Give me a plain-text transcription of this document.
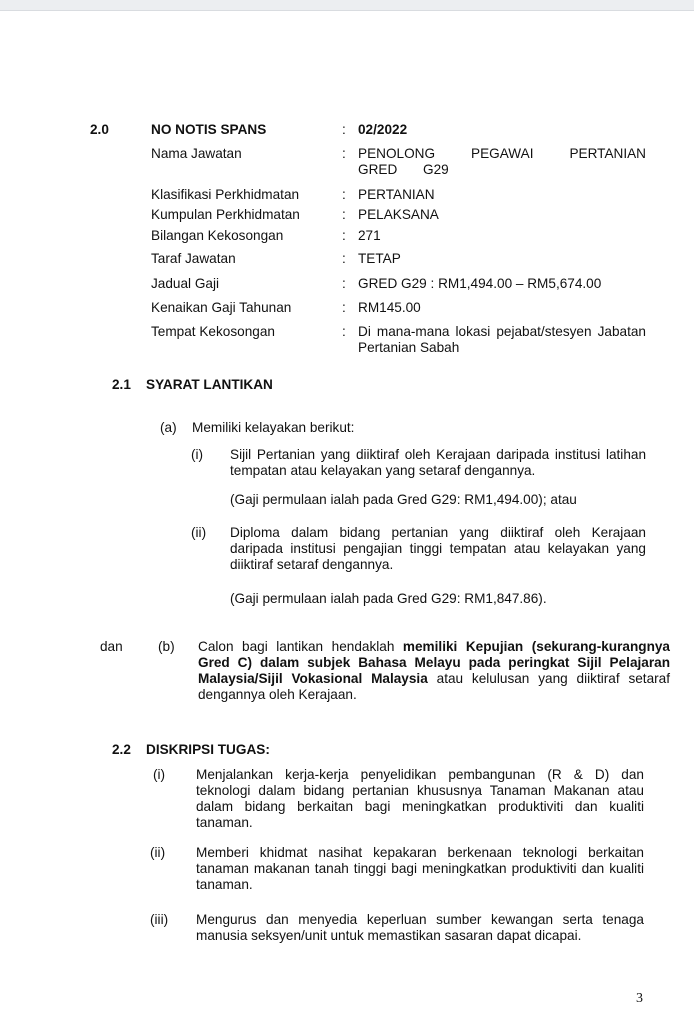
2.0	NO NOTIS SPANS	: 02/2022
Nama Jawatan	: PENOLONG PEGAWAI PERTANIAN GRED G29
Klasifikasi Perkhidmatan	: PERTANIAN
Kumpulan Perkhidmatan	: PELAKSANA
Bilangan Kekosongan	: 271
Taraf Jawatan	: TETAP
Jadual Gaji	: GRED G29 : RM1,494.00 – RM5,674.00
Kenaikan Gaji Tahunan	: RM145.00
Tempat Kekosongan	: Di mana-mana lokasi pejabat/stesyen Jabatan Pertanian Sabah
2.1 SYARAT LANTIKAN
(a) Memiliki kelayakan berikut:
(i) Sijil Pertanian yang diiktiraf oleh Kerajaan daripada institusi latihan tempatan atau kelayakan yang setaraf dengannya.
(Gaji permulaan ialah pada Gred G29: RM1,494.00); atau
(ii) Diploma dalam bidang pertanian yang diiktiraf oleh Kerajaan daripada institusi pengajian tinggi tempatan atau kelayakan yang diiktiraf setaraf dengannya.
(Gaji permulaan ialah pada Gred G29: RM1,847.86).
dan	(b) Calon bagi lantikan hendaklah memiliki Kepujian (sekurang-kurangnya Gred C) dalam subjek Bahasa Melayu pada peringkat Sijil Pelajaran Malaysia/Sijil Vokasional Malaysia atau kelulusan yang diiktiraf setaraf dengannya oleh Kerajaan.
2.2 DISKRIPSI TUGAS:
(i) Menjalankan kerja-kerja penyelidikan pembangunan (R & D) dan teknologi dalam bidang pertanian khususnya Tanaman Makanan atau dalam bidang berkaitan bagi meningkatkan produktiviti dan kualiti tanaman.
(ii) Memberi khidmat nasihat kepakaran berkenaan teknologi berkaitan tanaman makanan tanah tinggi bagi meningkatkan produktiviti dan kualiti tanaman.
(iii) Mengurus dan menyedia keperluan sumber kewangan serta tenaga manusia seksyen/unit untuk memastikan sasaran dapat dicapai.
3
